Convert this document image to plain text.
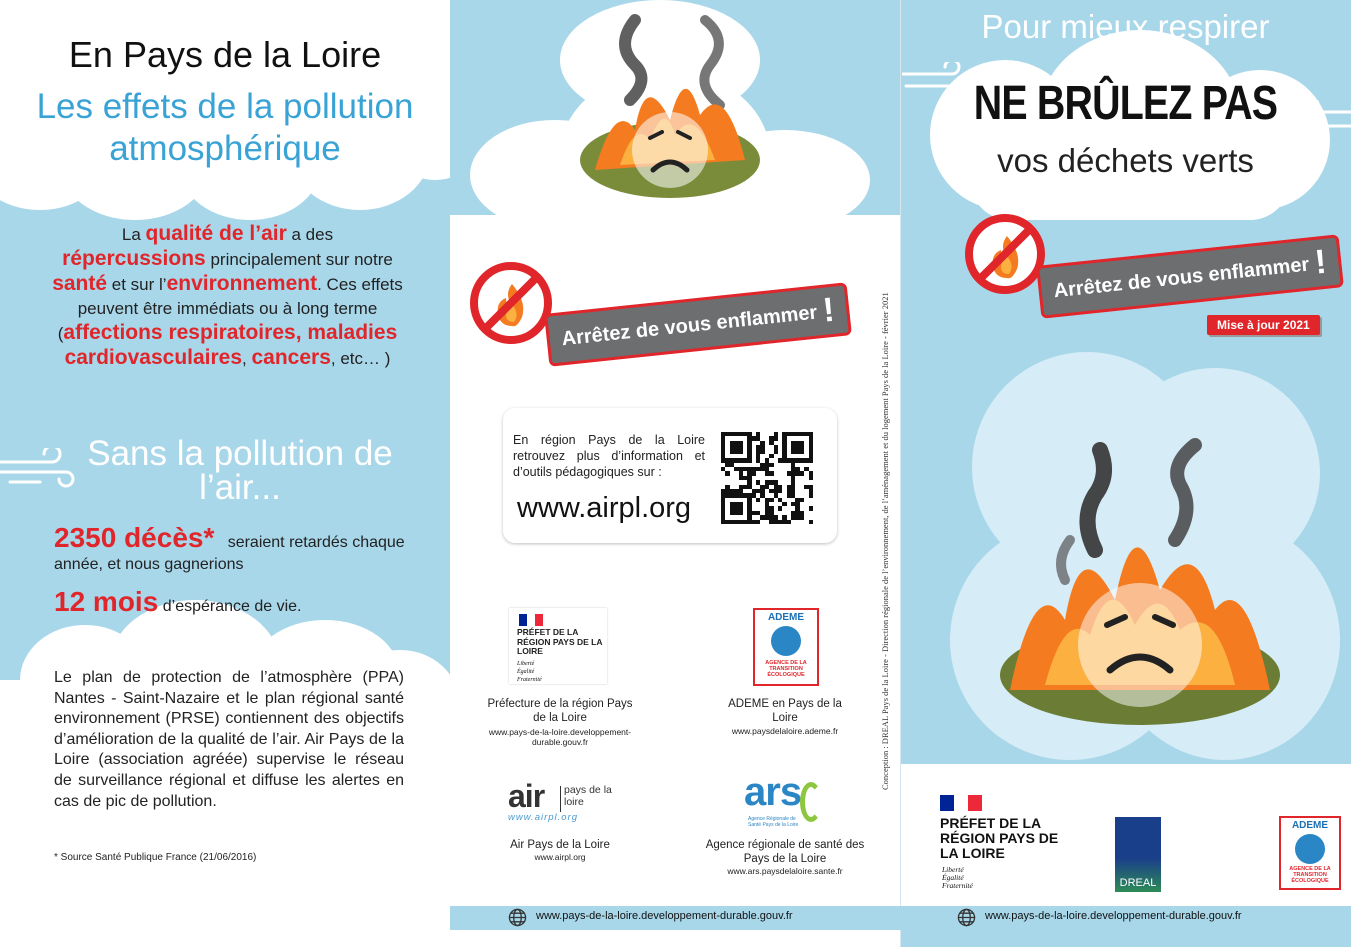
En Pays de la Loire
Les effets de la pollution atmosphérique
La qualité de l’air a des répercussions principalement sur notre santé et sur l’environnement. Ces effets peuvent être immédiats ou à long terme (affections respiratoires, maladies cardiovasculaires, cancers, etc… )
Sans la pollution de l’air...
2350 décès* seraient retardés chaque année, et nous gagnerions
12 mois d’espérance de vie.
Le plan de protection de l’atmosphère (PPA) Nantes - Saint-Nazaire et le plan régional santé environnement (PRSE) contiennent des objectifs d’amélioration de la qualité de l’air. Air Pays de la Loire (association agréée) supervise le réseau de surveillance régional et diffuse les alertes en cas de pic de pollution.
* Source Santé Publique France (21/06/2016)
Arrêtez de vous enflammer!
En région Pays de la Loire retrouvez plus d’information et d’outils pédagogiques sur :
www.airpl.org
PRÉFET DE LA RÉGION PAYS DE LA LOIRE
Liberté Égalité Fraternité
Préfecture de la région Pays de la Loire
www.pays-de-la-loire.developpement-durable.gouv.fr
ADEME
AGENCE DE LA TRANSITION ÉCOLOGIQUE
ADEME en Pays de la Loire
www.paysdelaloire.ademe.fr
air pays de la loire
www.airpl.org
Air Pays de la Loire
www.airpl.org
ars
Agence Régionale de Santé Pays de la Loire
Agence régionale de santé des Pays de la Loire
www.ars.paysdelaloire.sante.fr
Conception : DREAL Pays de la Loire - Direction régionale de l’environnement, de l’aménagement et du logement Pays de la Loire - février 2021
Pour mieux respirer
NE BRÛLEZ PAS
vos déchets verts
Arrêtez de vous enflammer!
Mise à jour 2021
PRÉFET DE LA RÉGION PAYS DE LA LOIRE
Liberté Égalité Fraternité	DREAL
ADEME
AGENCE DE LA TRANSITION ÉCOLOGIQUE
www.pays-de-la-loire.developpement-durable.gouv.fr	www.pays-de-la-loire.developpement-durable.gouv.fr
